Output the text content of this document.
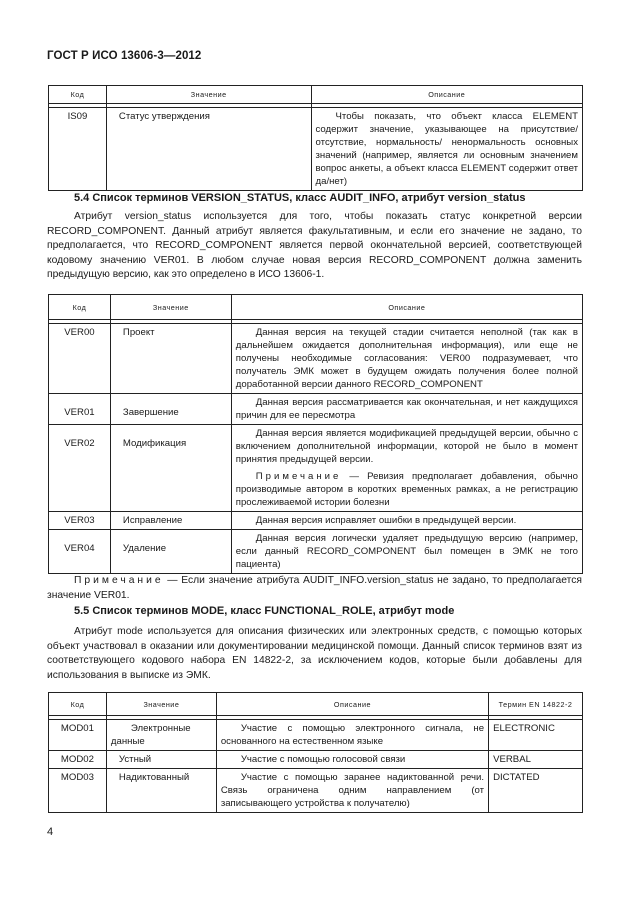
ГОСТ Р ИСО 13606-3—2012
Код	Значение	Описание

IS09	Статус утверждения	Чтобы показать, что объект класса ELEMENT содержит значение, указывающее на присутствие/отсутствие, нормальность/ ненормальность основных значений (например, является ли основным значением вопрос анкеты, а объект класса ELEMENT содержит ответ да/нет)
5.4 Список терминов VERSION_STATUS, класс AUDIT_INFO, атрибут version_status

Атрибут version_status используется для того, чтобы показать статус конкретной версии RECORD_COMPONENT. Данный атрибут является факультативным, и если его значение не задано, то предполагается, что RECORD_COMPONENT является первой окончательной версией, соответствующей кодовому значению VER01. В любом случае новая версия RECORD_COMPONENT должна заменить предыдущую версию, как это определено в ИСО 13606-1.

Код	Значение	Описание

VER00	Проект	Данная версия на текущей стадии считается неполной (так как в дальнейшем ожидается дополнительная информация), или еще не получены необходимые согласования: VER00 подразумевает, что получатель ЭМК может в будущем ожидать получения более полной доработанной версии данного RECORD_COMPONENT
VER01	Завершение	Данная версия рассматривается как окончательная, и нет каждущихся причин для ее пересмотра
VER02	Модификация	Данная версия является модификацией предыдущей версии, обычно с включением дополнительной информации, которой не было в момент принятия предыдущей версии.
Примечание — Ревизия предполагает добавления, обычно производимые автором в коротких временных рамках, а не регистрацию прослеживаемой истории болезни

VER03	Исправление	Данная версия исправляет ошибки в предыдущей версии.
VER04	Удаление	Данная версия логически удаляет предыдущую версию (например, если данный RECORD_COMPONENT был помещен в ЭМК не того пациента)

Примечание — Если значение атрибута AUDIT_INFO.version_status не задано, то предполагается значение VER01.

5.5 Список терминов MODE, класс FUNCTIONAL_ROLE, атрибут mode

Атрибут mode используется для описания физических или электронных средств, с помощью которых объект участвовал в оказании или документировании медицинской помощи. Данный список терминов взят из соответствующего кодового набора EN 14822-2, за исключением кодов, которые были добавлены для использования в выписке из ЭМК.

Код	Значение	Описание	Термин EN 14822-2

MOD01	Электронные данные	Участие с помощью электронного сигнала, не основанного на естественном языке	ELECTRONIC
MOD02	Устный	Участие с помощью голосовой связи	VERBAL
MOD03	Надиктованный	Участие с помощью заранее надиктованной речи. Связь ограничена одним направлением (от записывающего устройства к получателю)	DICTATED
4
